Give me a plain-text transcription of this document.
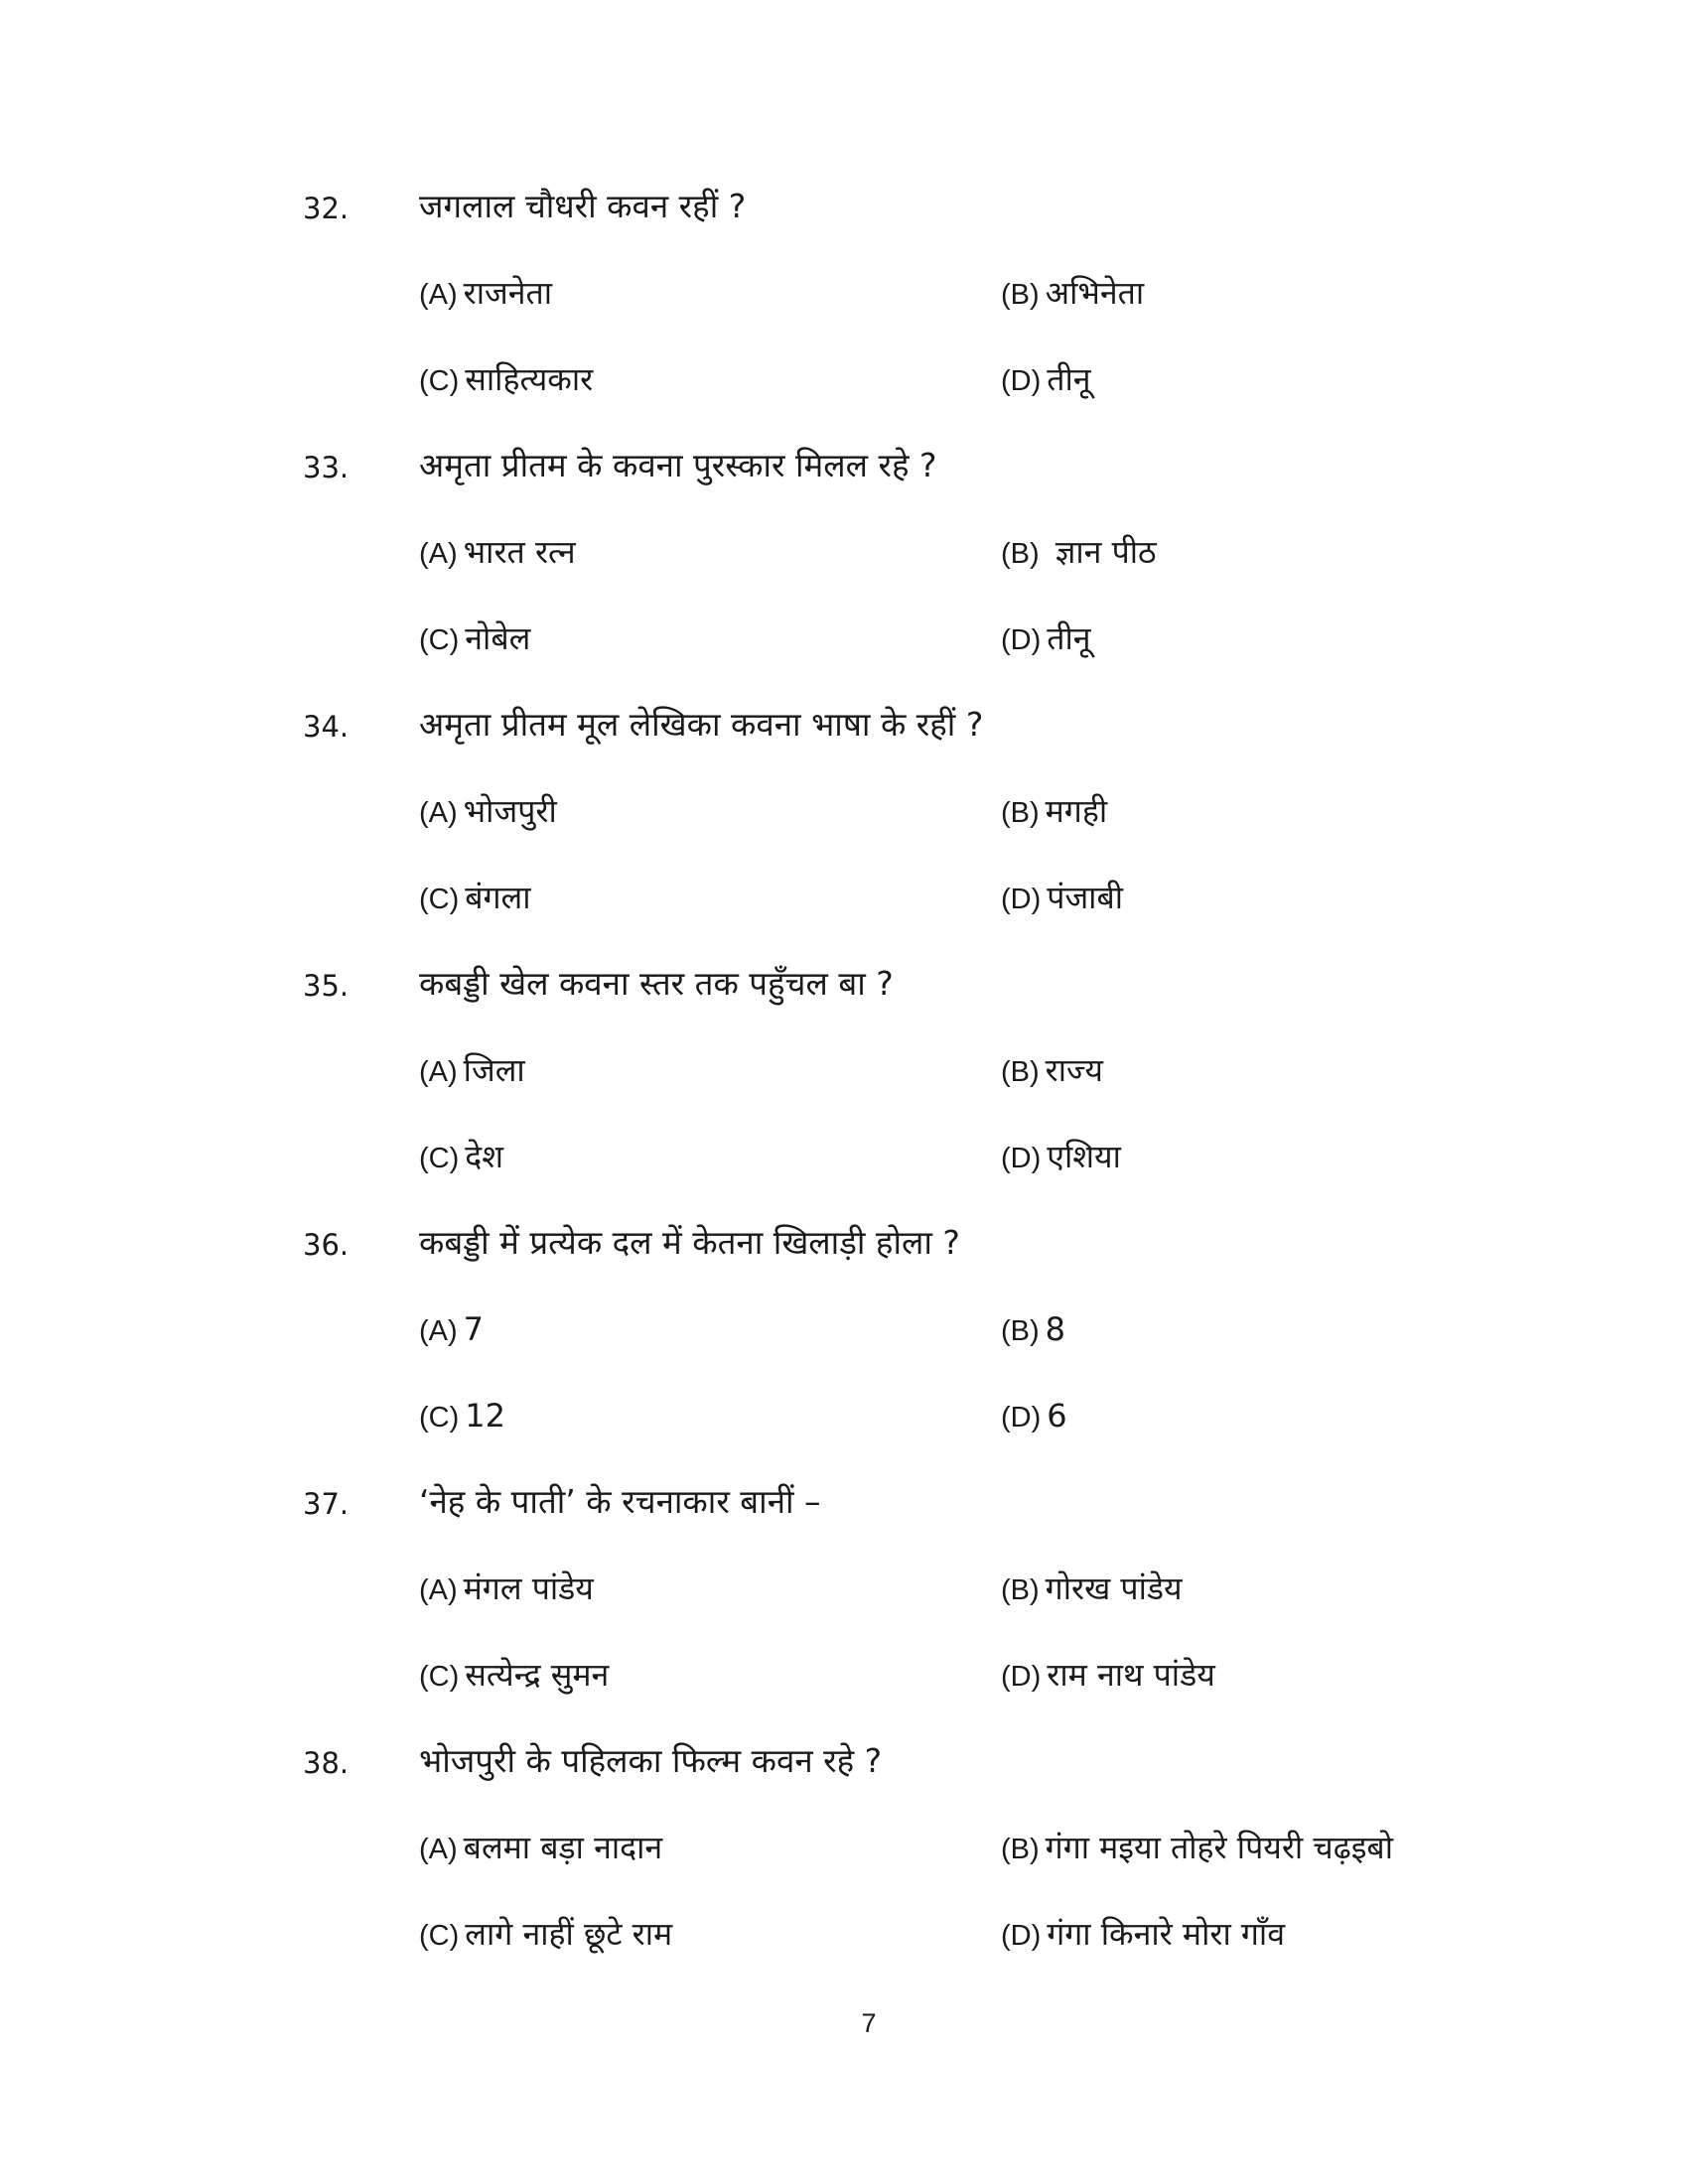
32. जगलाल चौधरी कवन रहीं ?
(A) राजनेता	(B) अभिनेता
(C) साहित्यकार	(D) तीनू
33. अमृता प्रीतम के कवना पुरस्कार मिलल रहे ?
(A) भारत रत्न	(B) ज्ञान पीठ
(C) नोबेल	(D) तीनू
34. अमृता प्रीतम मूल लेखिका कवना भाषा के रहीं ?
(A) भोजपुरी	(B) मगही
(C) बंगला	(D) पंजाबी
35. कबड्डी खेल कवना स्तर तक पहुँचल बा ?
(A) जिला	(B) राज्य
(C) देश	(D) एशिया
36. कबड्डी में प्रत्येक दल में केतना खिलाड़ी होला ?
(A) 7	(B) 8
(C) 12	(D) 6
37. ‘नेह के पाती’ के रचनाकार बानीं –
(A) मंगल पांडेय	(B) गोरख पांडेय
(C) सत्येन्द्र सुमन	(D) राम नाथ पांडेय
38. भोजपुरी के पहिलका फिल्म कवन रहे ?
(A) बलमा बड़ा नादान	(B) गंगा मइया तोहरे पियरी चढ़इबो
(C) लागे नाहीं छूटे राम	(D) गंगा किनारे मोरा गाँव
7
